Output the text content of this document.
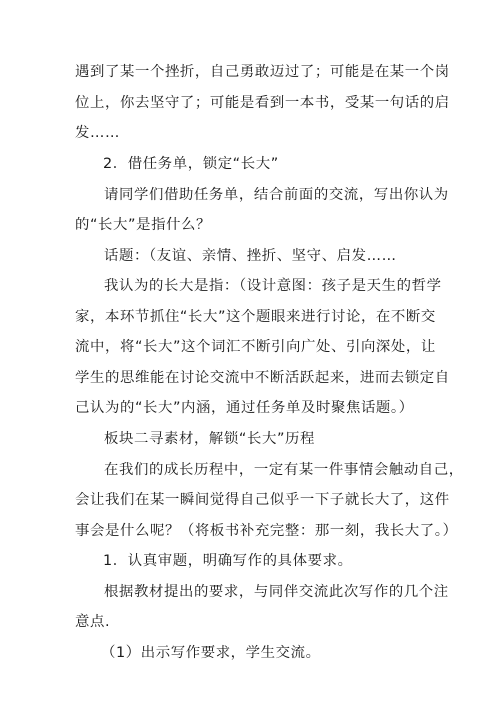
遇到了某一个挫折，自己勇敢迈过了；可能是在某一个岗
位上，你去坚守了；可能是看到一本书，受某一句话的启
发……
2．借任务单，锁定“长大”
请同学们借助任务单，结合前面的交流，写出你认为
的“长大”是指什么？
话题：（友谊、亲情、挫折、坚守、启发……
我认为的长大是指：（设计意图：孩子是天生的哲学
家，本环节抓住“长大”这个题眼来进行讨论，在不断交
流中，将“长大”这个词汇不断引向广处、引向深处，让
学生的思维能在讨论交流中不断活跃起来，进而去锁定自
己认为的“长大”内涵，通过任务单及时聚焦话题。）
板块二寻素材，解锁“长大”历程
在我们的成长历程中，一定有某一件事情会触动自己，
会让我们在某一瞬间觉得自己似乎一下子就长大了，这件
事会是什么呢？（将板书补充完整：那一刻，我长大了。）
1．认真审题，明确写作的具体要求。
根据教材提出的要求，与同伴交流此次写作的几个注
意点.
（1）出示写作要求，学生交流。
